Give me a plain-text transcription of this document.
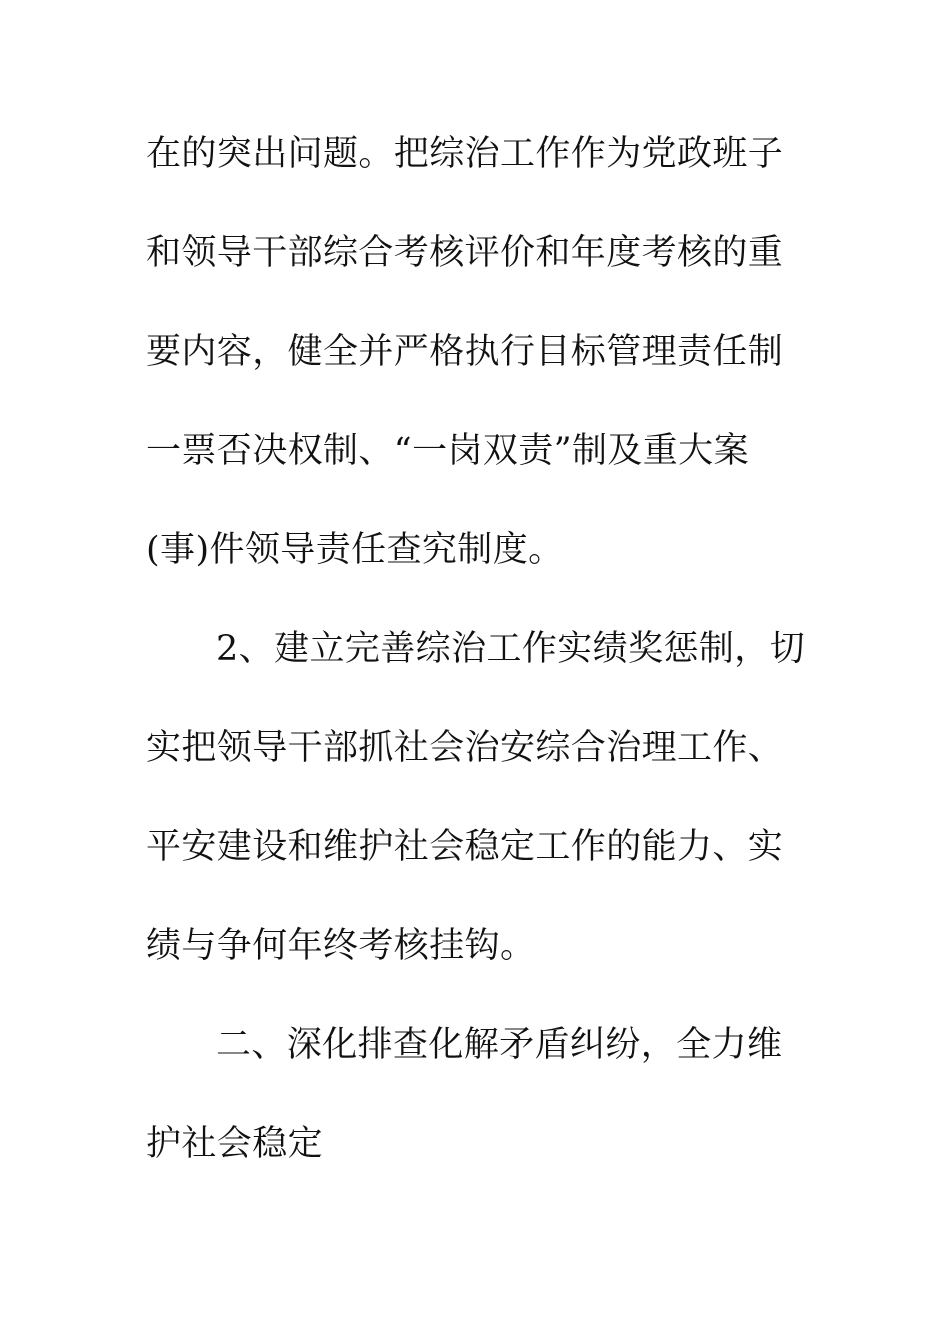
在的突出问题。把综治工作作为党政班子
和领导干部综合考核评价和年度考核的重
要内容，健全并严格执行目标管理责任制
一票否决权制、“一岗双责”制及重大案
(事)件领导责任查究制度。
2、建立完善综治工作实绩奖惩制，切
实把领导干部抓社会治安综合治理工作、
平安建设和维护社会稳定工作的能力、实
绩与争何年终考核挂钩。
二、深化排查化解矛盾纠纷，全力维
护社会稳定
